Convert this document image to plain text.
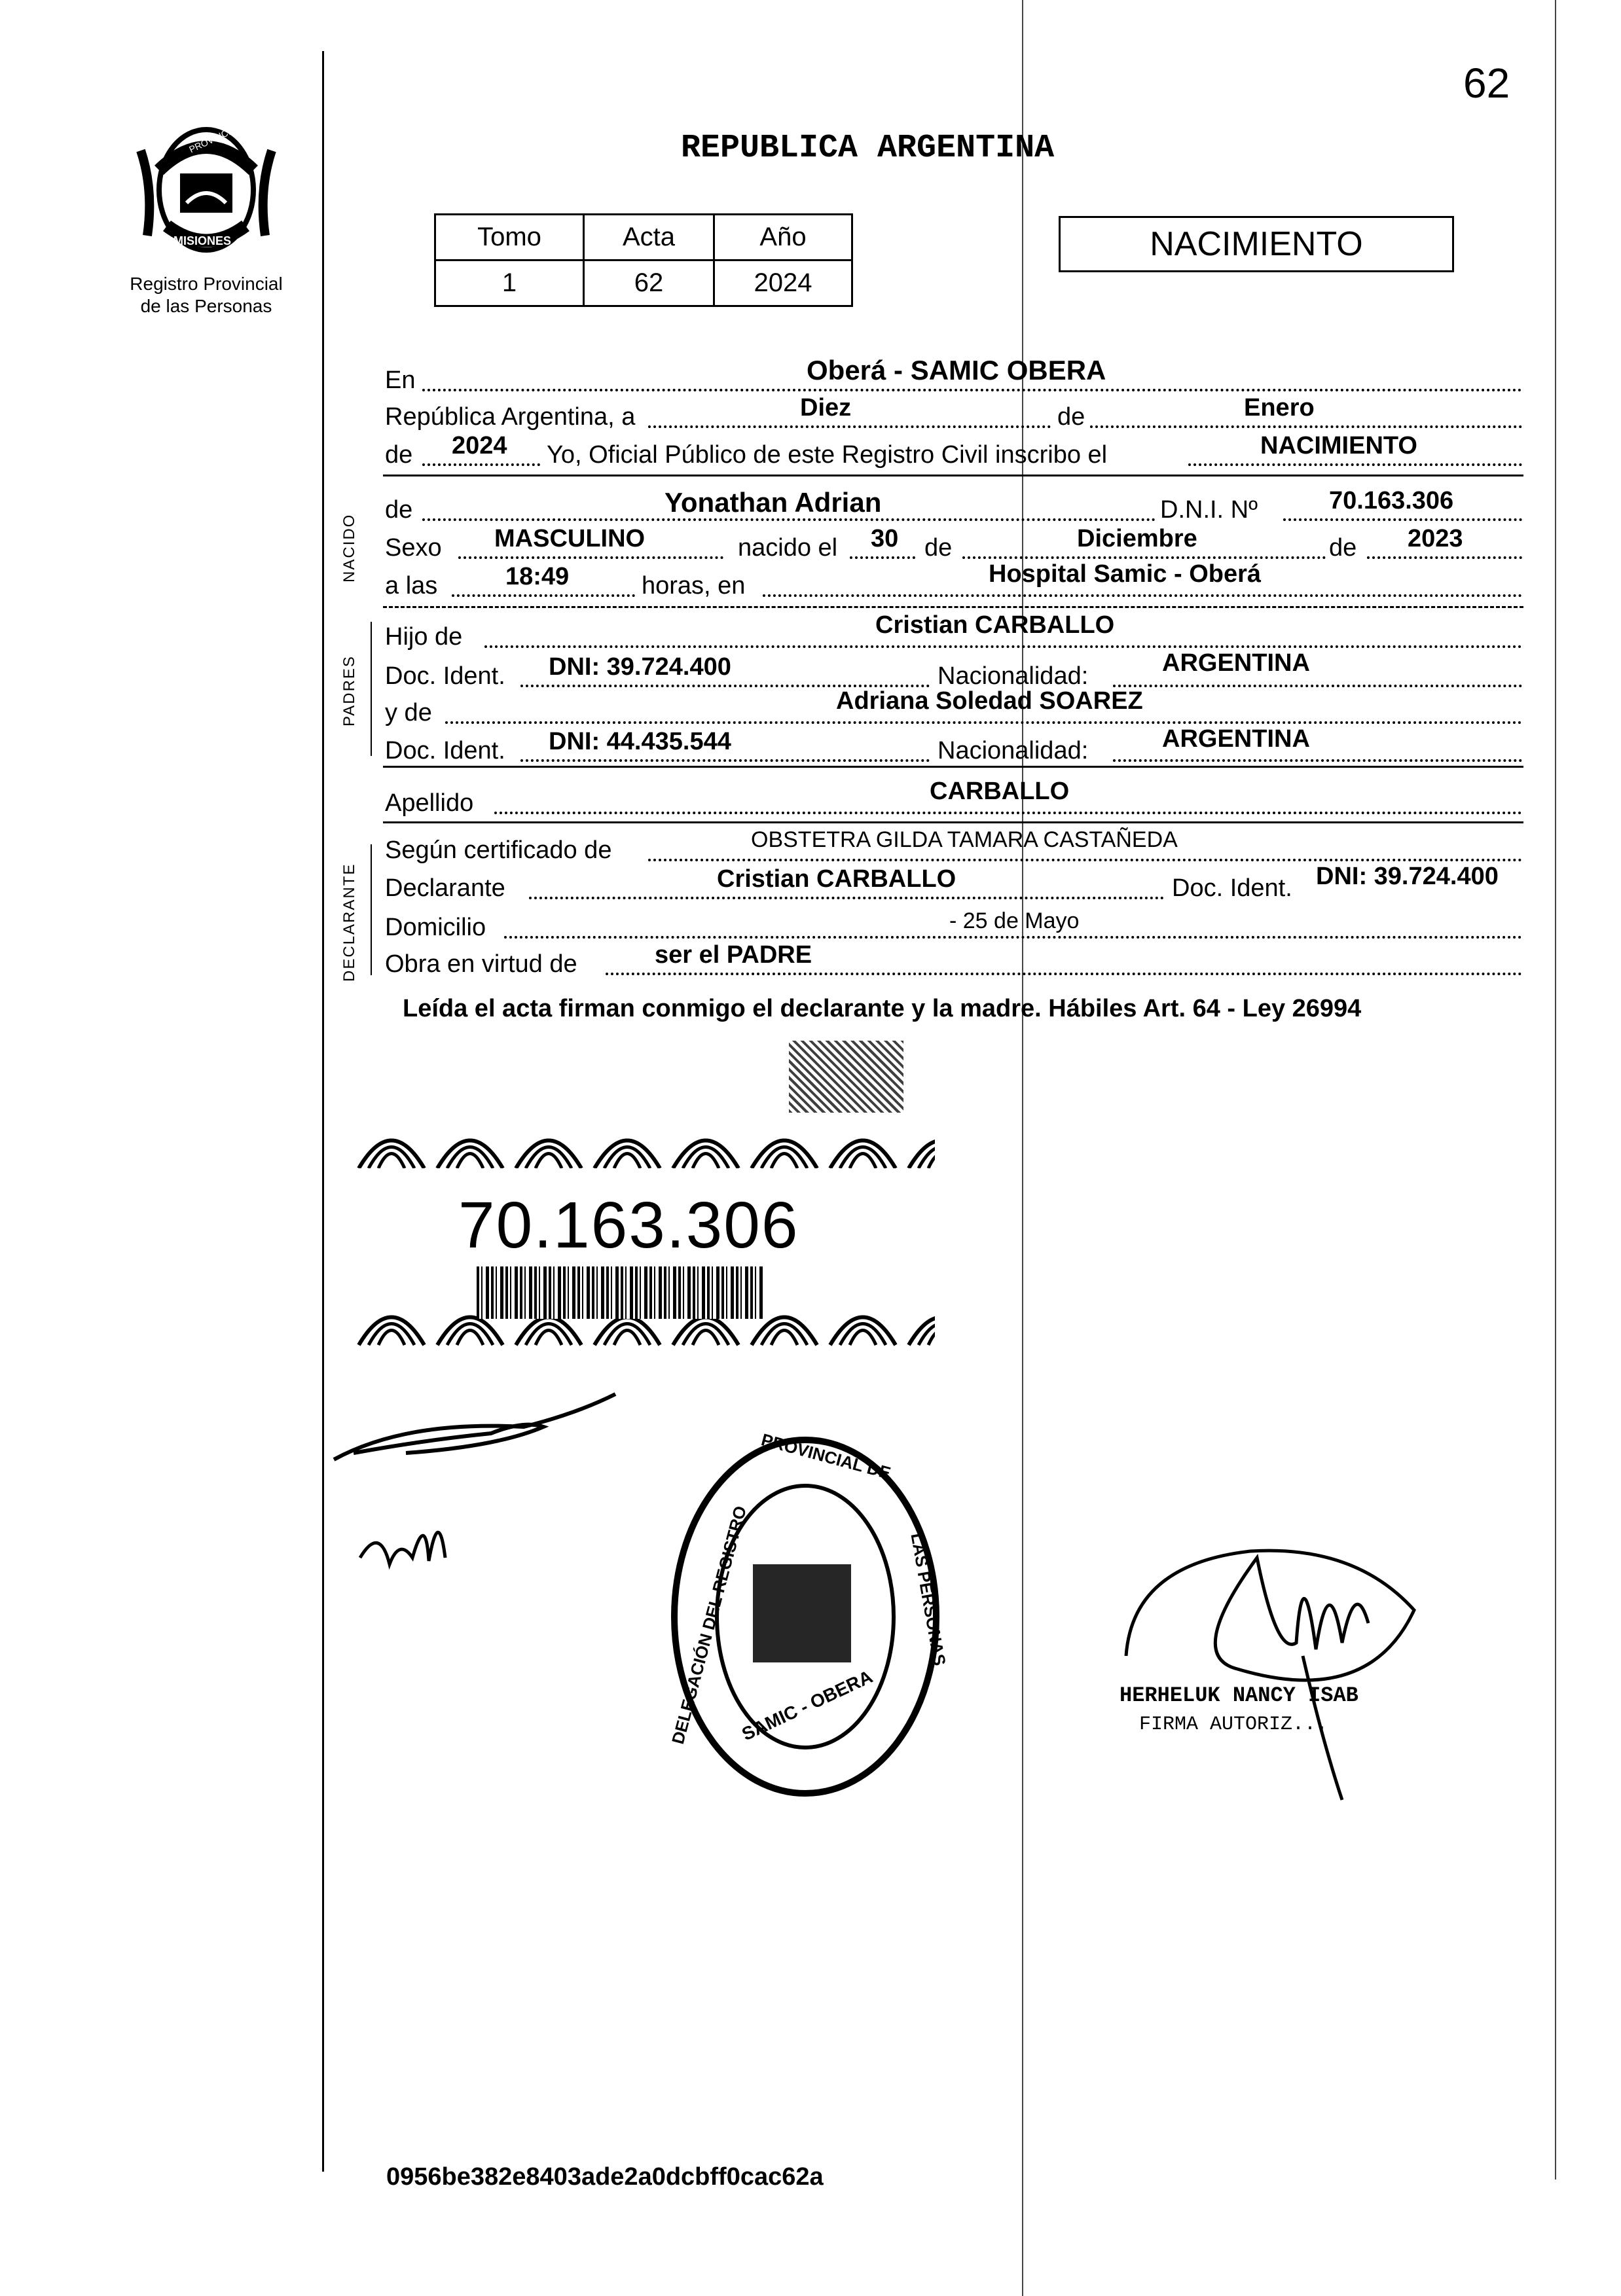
62
PROVINCIA DE
MISIONES
Registro Provincial
de las Personas
REPUBLICA ARGENTINA
Tomo	Acta	Año
1	62	2024
NACIMIENTO
NACIDO
PADRES
DECLARANTE
En	Oberá - SAMIC OBERA
República Argentina, a	Diez	de	Enero
de 2024 Yo, Oficial Público de este Registro Civil inscribo el	NACIMIENTO
de	Yonathan Adrian	D.N.I. Nº	70.163.306
Sexo MASCULINO	nacido el 30 de	Diciembre	de 2023
a las	18:49	horas, en	Hospital Samic - Oberá
Hijo de	Cristian CARBALLO
Doc. Ident. DNI: 39.724.400	Nacionalidad:	ARGENTINA
y de	Adriana Soledad SOAREZ
Doc. Ident. DNI: 44.435.544	Nacionalidad:	ARGENTINA
Apellido	CARBALLO
Según certificado de	OBSTETRA GILDA TAMARA CASTAÑEDA
Declarante	Cristian CARBALLO	Doc. Ident. DNI: 39.724.400
Domicilio	- 25 de Mayo
Obra en virtud de	ser el PADRE
Leída el acta firman conmigo el declarante y la madre. Hábiles Art. 64 - Ley 26994
70.163.306
DELEGACIÓN DEL REGISTRO
PROVINCIAL DE
LAS PERSONAS
SAMIC - OBERA	HERHELUK NANCY ISAB
FIRMA AUTORIZ...
0956be382e8403ade2a0dcbff0cac62a
